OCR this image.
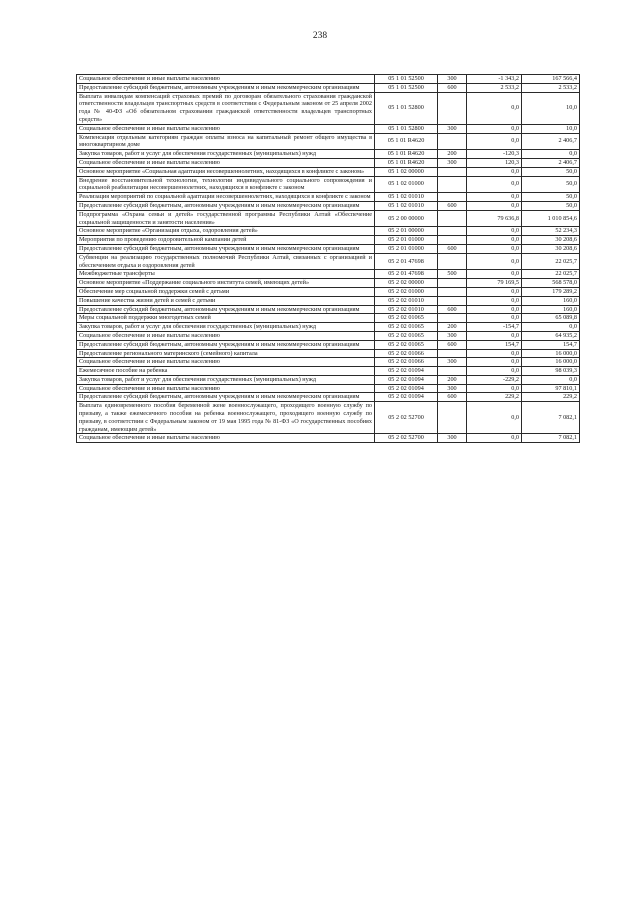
238
Социальное обеспечение и иные выплаты населению	05 1 01 52500	300	-1 343,2	167 566,4
Предоставление субсидий бюджетным, автономным учреждениям и иным некоммерческим организациям	05 1 01 52500	600	2 533,2	2 533,2
Выплата инвалидам компенсаций страховых премий по договорам обязательного страхования гражданской ответственности владельцев транспортных средств в соответствии с Федеральным законом от 25 апреля 2002 года № 40-ФЗ «Об обязательном страховании гражданской ответственности владельцев транспортных средств»	05 1 01 52800		0,0	10,0
Социальное обеспечение и иные выплаты населению	05 1 01 52800	300	0,0	10,0
Компенсация отдельным категориям граждан оплаты взноса на капитальный ремонт общего имущества в многоквартирном доме	05 1 01 R4620		0,0	2 406,7
Закупка товаров, работ и услуг для обеспечения государственных (муниципальных) нужд	05 1 01 R4620	200	-120,3	0,0
Социальное обеспечение и иные выплаты населению	05 1 01 R4620	300	120,3	2 406,7
Основное мероприятие «Социальная адаптация несовершеннолетних, находящихся в конфликте с законом»	05 1 02 00000		0,0	50,0
Внедрение восстановительной технологии, технологии индивидуального социального сопровождения и социальной реабилитации несовершеннолетних, находящихся в конфликте с законом	05 1 02 01000		0,0	50,0
Реализация мероприятий по социальной адаптации несовершеннолетних, находящихся в конфликте с законом	05 1 02 01010		0,0	50,0
Предоставление субсидий бюджетным, автономным учреждениям и иным некоммерческим организациям	05 1 02 01010	600	0,0	50,0
Подпрограмма «Охрана семьи и детей» государственной программы Республики Алтай «Обеспечение социальной защищенности и занятости населения»	05 2 00 00000		79 636,8	1 010 854,6
Основное мероприятие «Организация отдыха, оздоровления детей»	05 2 01 00000		0,0	52 234,3
Мероприятия по проведению оздоровительной кампании детей	05 2 01 01000		0,0	30 208,6
Предоставление субсидий бюджетным, автономным учреждениям и иным некоммерческим организациям	05 2 01 01000	600	0,0	30 208,6
Субвенции на реализацию государственных полномочий Республики Алтай, связанных с организацией и обеспечением отдыха и оздоровления детей	05 2 01 47698		0,0	22 025,7
Межбюджетные трансферты	05 2 01 47698	500	0,0	22 025,7
Основное мероприятие «Поддержание социального института семей, имеющих детей»	05 2 02 00000		79 169,5	568 578,0
Обеспечение мер социальной поддержки семей с детьми	05 2 02 01000		0,0	179 289,2
Повышение качества жизни детей и семей с детьми	05 2 02 01010		0,0	160,0
Предоставление субсидий бюджетным, автономным учреждениям и иным некоммерческим организациям	05 2 02 01010	600	0,0	160,0
Меры социальной поддержки многодетных семей	05 2 02 01065		0,0	65 089,8
Закупка товаров, работ и услуг для обеспечения государственных (муниципальных) нужд	05 2 02 01065	200	-154,7	0,0
Социальное обеспечение и иные выплаты населению	05 2 02 01065	300	0,0	64 935,2
Предоставление субсидий бюджетным, автономным учреждениям и иным некоммерческим организациям	05 2 02 01065	600	154,7	154,7
Предоставление регионального материнского (семейного) капитала	05 2 02 01066		0,0	16 000,0
Социальное обеспечение и иные выплаты населению	05 2 02 01066	300	0,0	16 000,0
Ежемесячное пособие на ребенка	05 2 02 01094		0,0	98 039,3
Закупка товаров, работ и услуг для обеспечения государственных (муниципальных) нужд	05 2 02 01094	200	-229,2	0,0
Социальное обеспечение и иные выплаты населению	05 2 02 01094	300	0,0	97 810,1
Предоставление субсидий бюджетным, автономным учреждениям и иным некоммерческим организациям	05 2 02 01094	600	229,2	229,2
Выплата единовременного пособия беременной жене военнослужащего, проходящего военную службу по призыву, а также ежемесячного пособия на ребенка военнослужащего, проходящего военную службу по призыву, в соответствии с Федеральным законом от 19 мая 1995 года № 81-ФЗ «О государственных пособиях гражданам, имеющим детей»	05 2 02 52700		0,0	7 082,1
Социальное обеспечение и иные выплаты населению	05 2 02 52700	300	0,0	7 082,1
